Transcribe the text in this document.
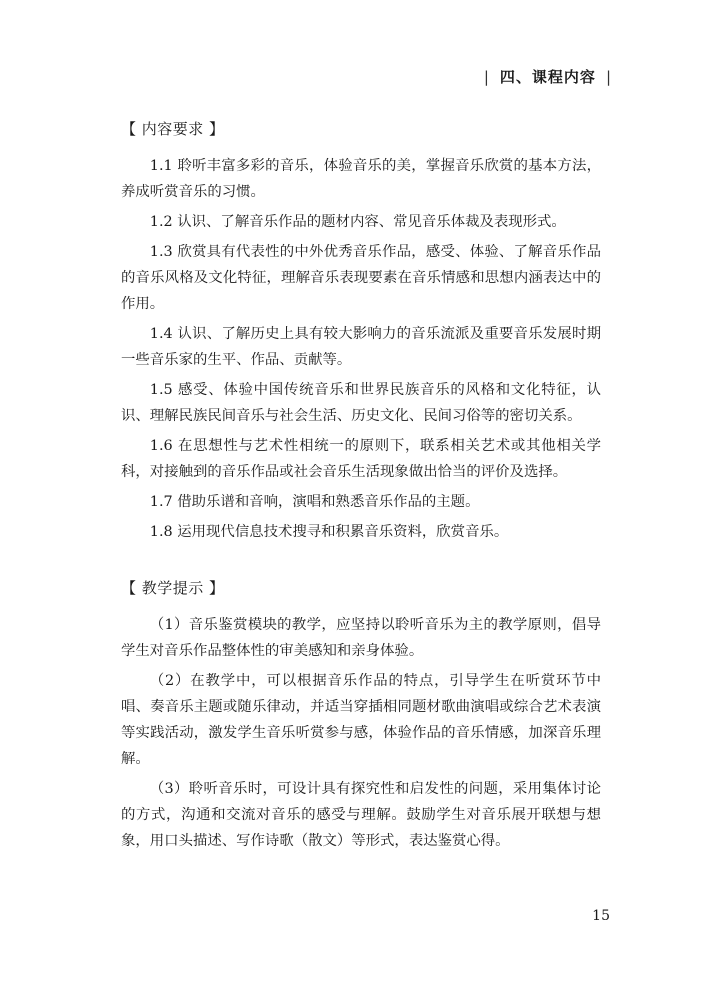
| 四、课程内容 |
【 内容要求 】

1.1 聆听丰富多彩的音乐，体验音乐的美，掌握音乐欣赏的基本方法，养成听赏音乐的习惯。

1.2 认识、了解音乐作品的题材内容、常见音乐体裁及表现形式。

1.3 欣赏具有代表性的中外优秀音乐作品，感受、体验、了解音乐作品的音乐风格及文化特征，理解音乐表现要素在音乐情感和思想内涵表达中的作用。

1.4 认识、了解历史上具有较大影响力的音乐流派及重要音乐发展时期一些音乐家的生平、作品、贡献等。

1.5 感受、体验中国传统音乐和世界民族音乐的风格和文化特征，认识、理解民族民间音乐与社会生活、历史文化、民间习俗等的密切关系。

1.6 在思想性与艺术性相统一的原则下，联系相关艺术或其他相关学科，对接触到的音乐作品或社会音乐生活现象做出恰当的评价及选择。

1.7 借助乐谱和音响，演唱和熟悉音乐作品的主题。

1.8 运用现代信息技术搜寻和积累音乐资料，欣赏音乐。

【 教学提示 】

（1）音乐鉴赏模块的教学，应坚持以聆听音乐为主的教学原则，倡导学生对音乐作品整体性的审美感知和亲身体验。

（2）在教学中，可以根据音乐作品的特点，引导学生在听赏环节中唱、奏音乐主题或随乐律动，并适当穿插相同题材歌曲演唱或综合艺术表演等实践活动，激发学生音乐听赏参与感，体验作品的音乐情感，加深音乐理解。

（3）聆听音乐时，可设计具有探究性和启发性的问题，采用集体讨论的方式，沟通和交流对音乐的感受与理解。鼓励学生对音乐展开联想与想象，用口头描述、写作诗歌（散文）等形式，表达鉴赏心得。

15
